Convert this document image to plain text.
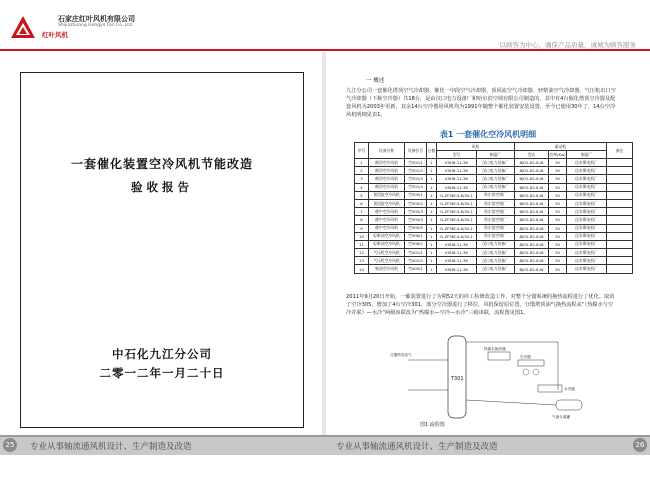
红叶风机
石家庄红叶风机有限公司
Shijiazhuang Hongye Fan Co.,Ltd.
以顾客为中心，确保产品质量，诚城为顾客服务
一套催化装置空冷风机节能改造
验收报告
中石化九江分公司
二零一二年一月二十日
一 概述
九江分公司一套催化塔顶空气冷却器、催化一中段空气冷却器、顶回流空气冷却器、轻柴油空气冷却器、气压机出口空气冷却器（下称空冷器）共18台，是由汉口电力设备厂和哈尔滨空调有限公司制造的，其中有4台催化塔顶空冷器及配套风机为2003年更新，其余14台空冷器用风机均为1991年随整个催化装置安装设置，至今已使用30年了。14台空冷风机明细见表1。
表1 一套催化空冷风机明细
序号	设备名称	设备位号	台数	风机		驱动机			备注
				型号	制造厂	型式	功率(Kw)	制造厂	
1	催顶空冷风机	空301/1	1	KSH6-11-36	汉口电力设备厂	BJO2-82-8-W	30	佳木斯电机厂	
2	催顶空冷风机	空301/2	1	KSH6-11-36	汉口电力设备厂	BJO2-82-8-W	30	佳木斯电机厂	
3	催顶空冷风机	空301/3	1	KSH6-11-36	汉口电力设备厂	BJO2-82-8-W	30	佳木斯电机厂	
4	催顶空冷风机	空301/4	1	KSH6-11-36	汉口电力设备厂	BJO2-82-8-W	30	佳木斯电机厂	
5	顶回流空冷风机	空305/1	1	G-ZF36C4-6/30-1	哈尔滨空调厂	BJO2-82-8-W	30	佳木斯电机厂	
6	顶回流空冷风机	空305/2	1	G-ZF36C4-6/30-1	哈尔滨空调厂	BJO2-82-8-W	30	佳木斯电机厂	
7	催中空冷风机	空305/3	1	G-ZF36C4-6/30-1	哈尔滨空调厂	BJO2-82-8-W	30	佳木斯电机厂	
8	催中空冷风机	空305/4	1	G-ZF36C4-6/30-1	哈尔滨空调厂	BJO2-82-8-W	30	佳木斯电机厂	
9	催中空冷风机	空305/5	1	G-ZF36C4-6/30-1	哈尔滨空调厂	BJO2-82-8-W	30	佳木斯电机厂	
10	轻柴油空冷风机	空306/1	1	G-ZF36C4-6/30-1	哈尔滨空调厂	BJO2-82-8-W	30	佳木斯电机厂	
11	轻柴油空冷风机	空306/2	1	KSH6-11-36	汉口电力设备厂	BJO2-82-8-W	30	佳木斯电机厂	
12	气压机空冷风机	空401/1	1	KSH6-11-36	汉口电力设备厂	BJO2-82-8-W	30	佳木斯电机厂	
13	气压机空冷风机	空401/2	1	KSH6-11-36	汉口电力设备厂	BJO2-82-8-W	30	佳木斯电机厂	
14	柴油空冷风机	空405/1	1	KSH6-11-36	汉口电力设备厂	BJO2-82-8-W	30	佳木斯电机厂	
2011年9月20日开始，一催装置进行了为期52天的停工检修改造工作，对整个分馏系统的换热流程进行了优化。取消了空冷305，增加了4台空冷301，部分空冷器进行了移位，风机保留原位置，分馏塔顶油气换热流程从“（热媒水与空冷并联）—水冷”两级串联改为“热媒水—空冷—水冷”三级串联，流程图见图1。
T301
分馏塔顶油气
热媒水换热器
空冷器
水冷器
气液分离罐
图1 流程图
25 专业从事轴流通风机设计、生产制造及改造	专业从事轴流通风机设计、生产制造及改造	26
